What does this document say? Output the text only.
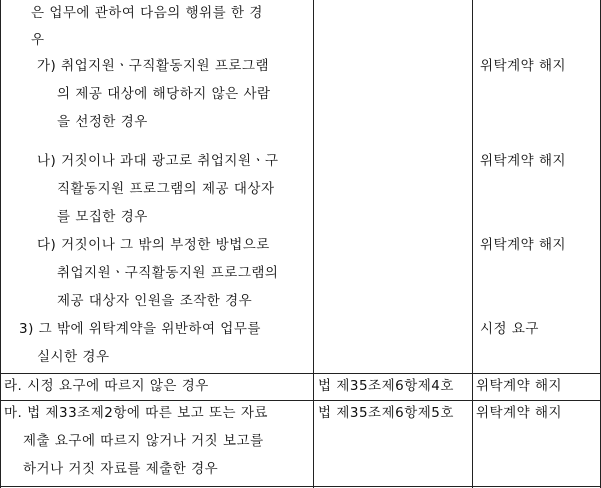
은 업무에 관하여 다음의 행위를 한 경
우
가) 취업지원ㆍ구직활동지원 프로그램
의 제공 대상에 해당하지 않은 사람
을 선정한 경우
위탁계약 해지
나) 거짓이나 과대 광고로 취업지원ㆍ구
직활동지원 프로그램의 제공 대상자
를 모집한 경우
위탁계약 해지
다) 거짓이나 그 밖의 부정한 방법으로
취업지원ㆍ구직활동지원 프로그램의
제공 대상자 인원을 조작한 경우
위탁계약 해지
3) 그 밖에 위탁계약을 위반하여 업무를
실시한 경우
시정 요구
라. 시정 요구에 따르지 않은 경우	법 제35조제6항제4호 위탁계약 해지
마. 법 제33조제2항에 따른 보고 또는 자료
제출 요구에 따르지 않거나 거짓 보고를
하거나 거짓 자료를 제출한 경우
법 제35조제6항제5호 위탁계약 해지
